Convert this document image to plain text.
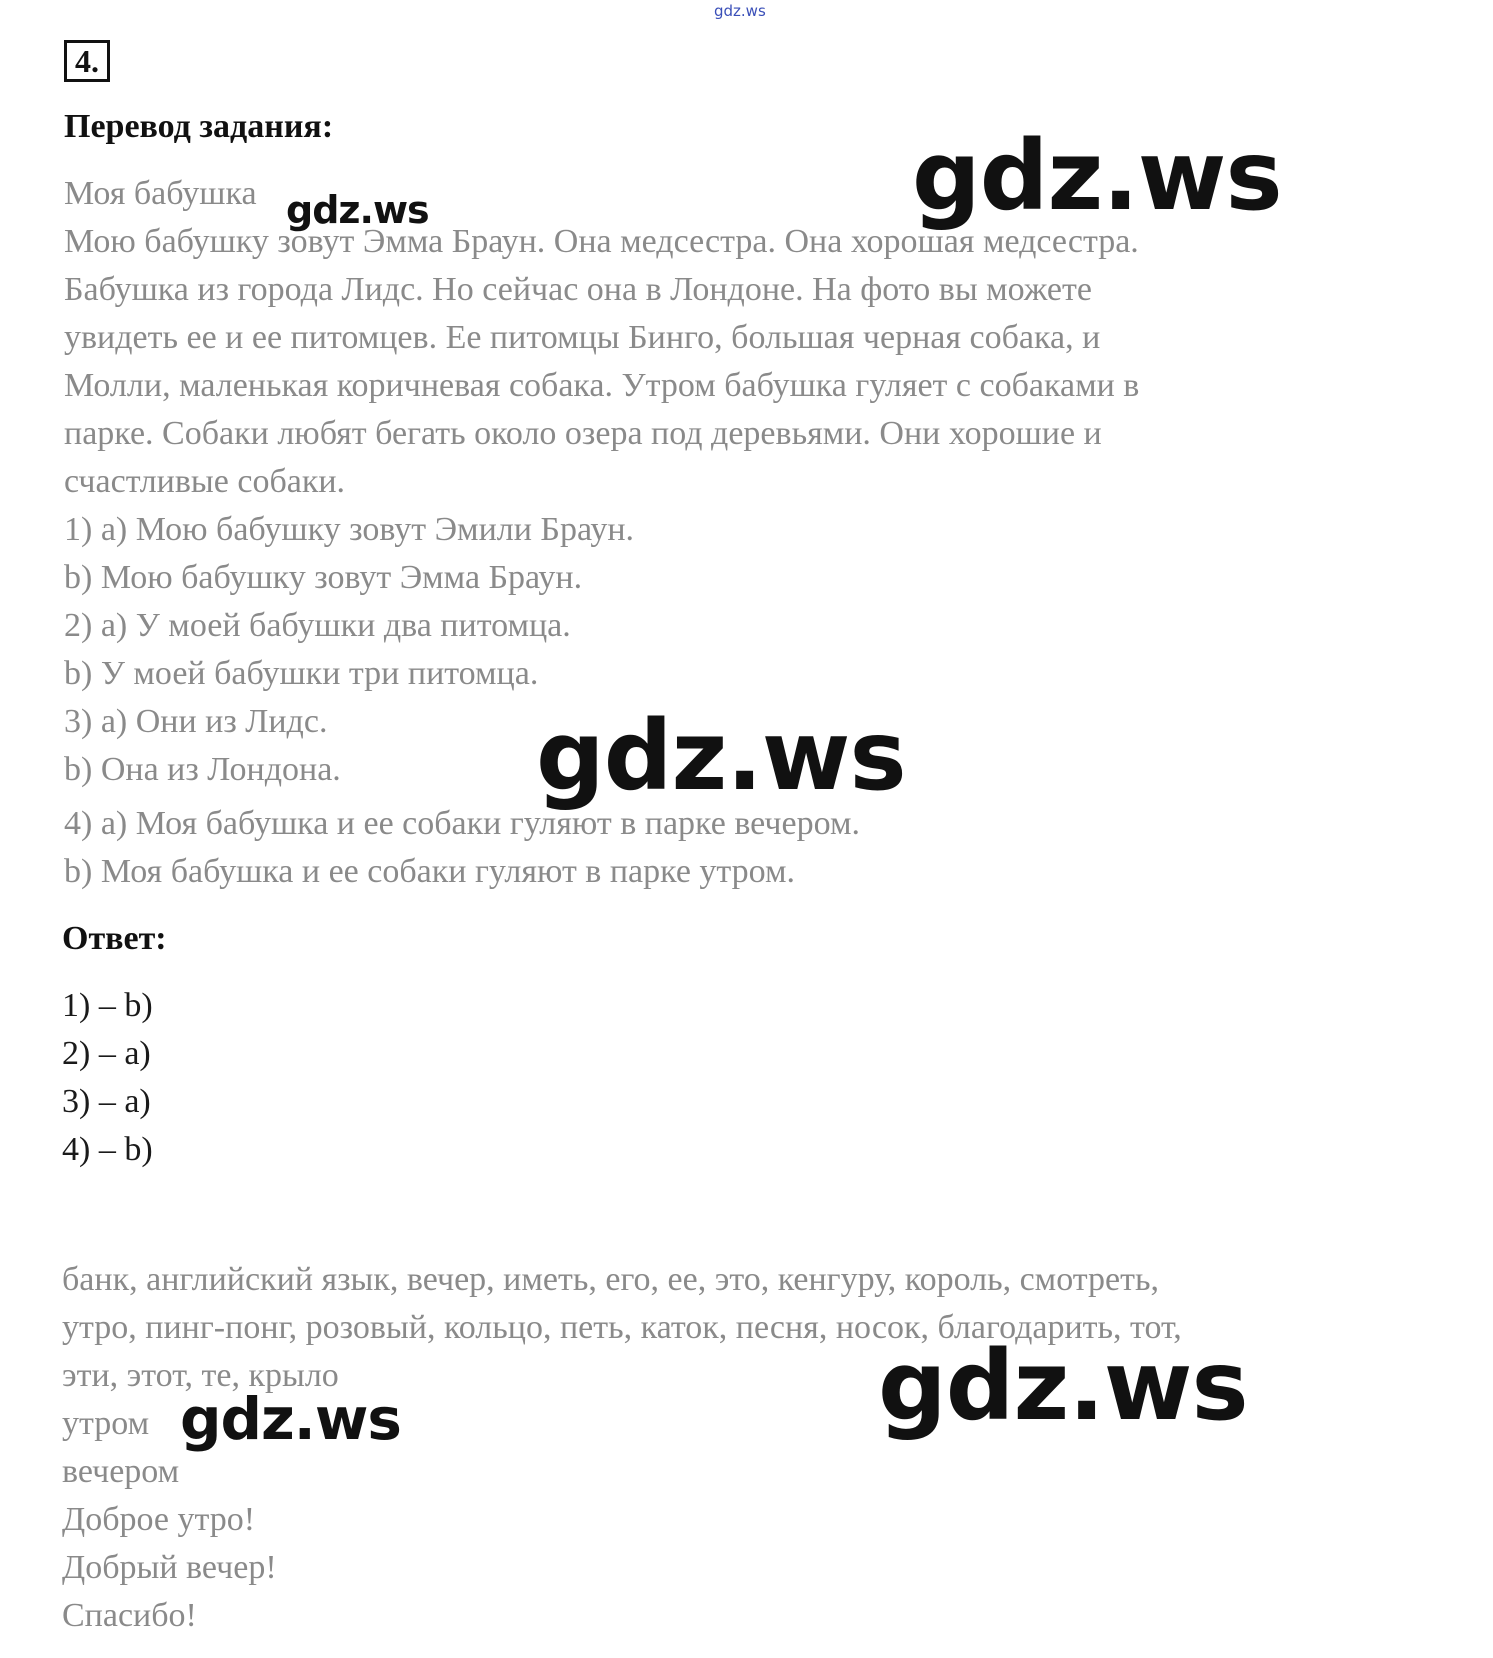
gdz.ws
4.
Перевод задания:
Моя бабушка
Мою бабушку зовут Эмма Браун. Она медсестра. Она хорошая медсестра.
Бабушка из города Лидс. Но сейчас она в Лондоне. На фото вы можете
увидеть ее и ее питомцев. Ее питомцы Бинго, большая черная собака, и
Молли, маленькая коричневая собака. Утром бабушка гуляет с собаками в
парке. Собаки любят бегать около озера под деревьями. Они хорошие и
счастливые собаки.
1) a) Мою бабушку зовут Эмили Браун.
b) Мою бабушку зовут Эмма Браун.
2) a) У моей бабушки два питомца.
b) У моей бабушки три питомца.
3) a) Они из Лидс.
b) Она из Лондона.
4) a) Моя бабушка и ее собаки гуляют в парке вечером.
b) Моя бабушка и ее собаки гуляют в парке утром.
Ответ:
1) – b)
2) – a)
3) – a)
4) – b)
банк, английский язык, вечер, иметь, его, ее, это, кенгуру, король, смотреть,
утро, пинг-понг, розовый, кольцо, петь, каток, песня, носок, благодарить, тот,
эти, этот, те, крыло
утром
вечером
Доброе утро!
Добрый вечер!
Спасибо!
gdz.ws
gdz.ws
gdz.ws
gdz.ws
gdz.ws
